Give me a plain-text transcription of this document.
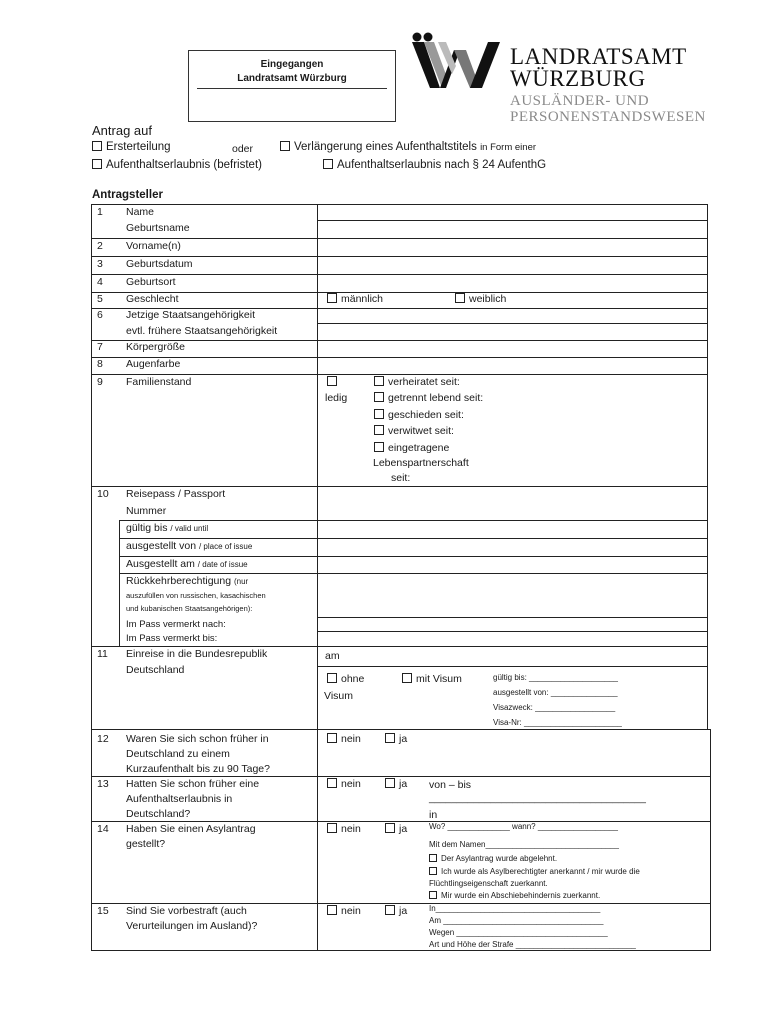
Eingegangen
Landratsamt Würzburg
LANDRATSAMT
WÜRZBURG
AUSLÄNDER- UND
PERSONENSTANDSWESEN
Antrag auf
Ersterteilung	oder	Verlängerung eines Aufenthaltstitels in Form einer
Aufenthaltserlaubnis (befristet)	Aufenthaltserlaubnis nach § 24 AufenthG
Antragsteller
1 Name
Geburtsname
2 Vorname(n)
3 Geburtsdatum
4 Geburtsort
5 Geschlecht	männlich	weiblich
6 Jetzige Staatsangehörigkeit
evtl. frühere Staatsangehörigkeit
7 Körpergröße
8 Augenfarbe
9 Familienstand
ledig
verheiratet seit:
getrennt lebend seit:
geschieden seit:
verwitwet seit:
eingetragene
Lebenspartnerschaft
seit:
10 Reisepass / Passport
Nummer
gültig bis / valid until
ausgestellt von / place of issue
Ausgestellt am / date of issue
Rückkehrberechtigung (nur
auszufüllen von russischen, kasachischen
und kubanischen Staatsangehörigen):
Im Pass vermerkt nach:
Im Pass vermerkt bis:
11 Einreise in die Bundesrepublik
Deutschland
am
ohne
Visum
mit Visum	gültig bis: ____________________
ausgestellt von: _______________
Visazweck: __________________
Visa-Nr: ______________________
12 Waren Sie sich schon früher in
Deutschland zu einem
Kurzaufenthalt bis zu 90 Tage?
nein	ja
13 Hatten Sie schon früher eine
Aufenthaltserlaubnis in
Deutschland?
nein	ja von – bis
_______________________________________
in
14 Haben Sie einen Asylantrag
gestellt?
nein	ja	Wo? ______________ wann? __________________
Mit dem Namen______________________________
Der Asylantrag wurde abgelehnt.
Ich wurde als Asylberechtigter anerkannt / mir wurde die
Flüchtlingseigenschaft zuerkannt.
Mir wurde ein Abschiebehindernis zuerkannt.
15 Sind Sie vorbestraft (auch
Verurteilungen im Ausland)?
nein	ja	In_____________________________________
Am ____________________________________
Wegen __________________________________
Art und Höhe der Strafe ___________________________
